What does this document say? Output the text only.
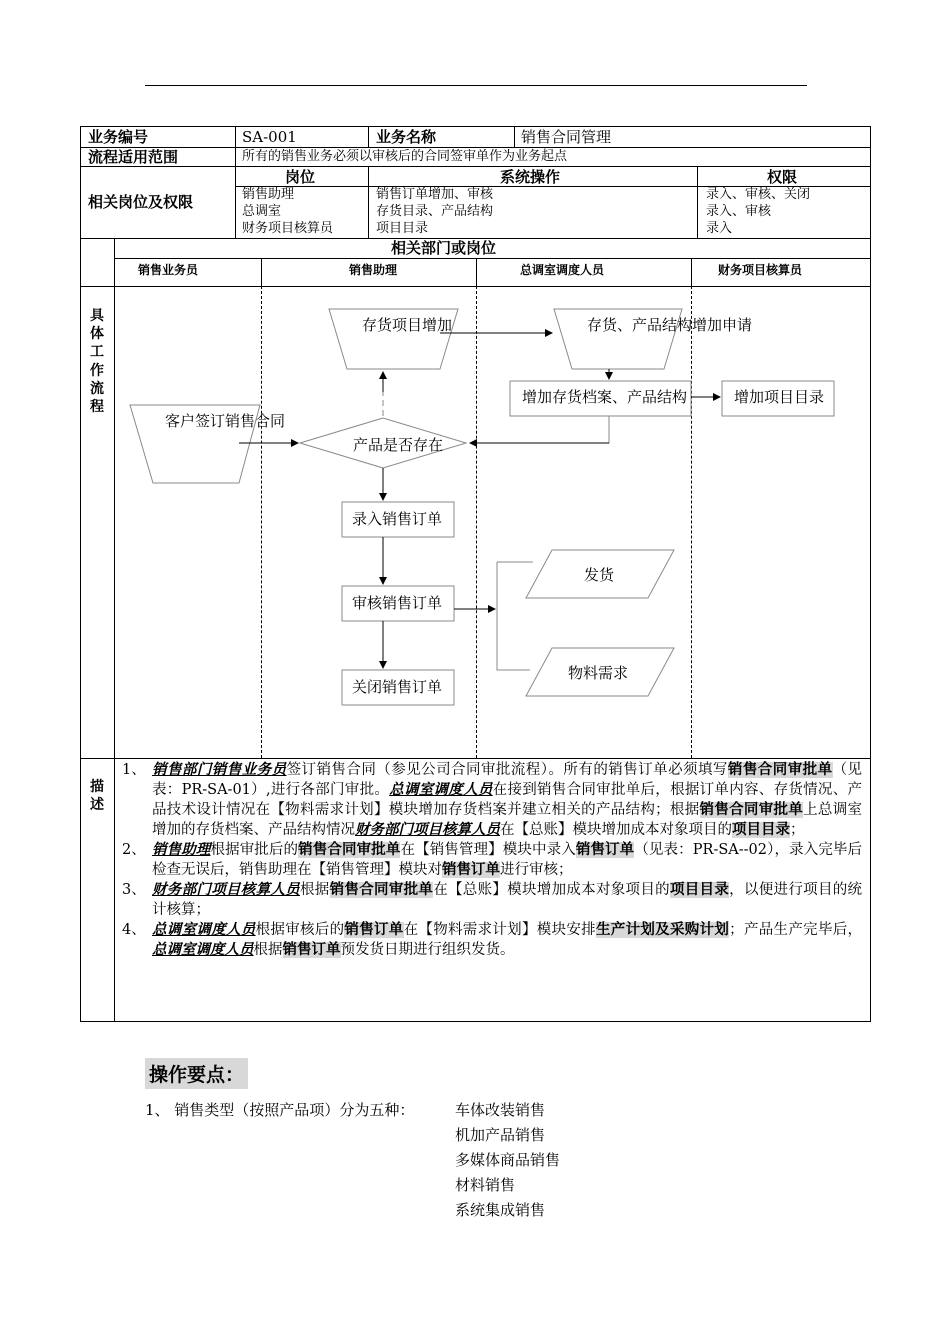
业务编号	SA-001	业务名称	销售合同管理
流程适用范围	所有的销售业务必须以审核后的合同签审单作为业务起点
相关岗位及权限
岗位	系统操作	权限
销售助理	销售订单增加、审核	录入、审核、关闭
总调室	存货目录、产品结构	录入、审核
财务项目核算员	项目目录	录入
相关部门或岗位
销售业务员	销售助理	总调室调度人员	财务项目核算员
具体工作流程
描述
客户签订销售合同
产品是否存在
存货项目增加	存货、产品结构增加申请
增加存货档案、产品结构	增加项目目录
录入销售订单
审核销售订单
关闭销售订单
发货
物料需求
1、 销售部门销售业务员签订销售合同（参见公司合同审批流程）。所有的销售订单必须填写销售合同审批单（见表：PR-SA-01）,进行各部门审批。总调室调度人员在接到销售合同审批单后，根据订单内容、存货情况、产品技术设计情况在【物料需求计划】模块增加存货档案并建立相关的产品结构；根据销售合同审批单上总调室增加的存货档案、产品结构情况财务部门项目核算人员在【总账】模块增加成本对象项目的项目目录；
2、 销售助理根据审批后的销售合同审批单在【销售管理】模块中录入销售订单（见表：PR-SA--02），录入完毕后检查无误后，销售助理在【销售管理】模块对销售订单进行审核；
3、 财务部门项目核算人员根据销售合同审批单在【总账】模块增加成本对象项目的项目目录，以便进行项目的统计核算；
4、 总调室调度人员根据审核后的销售订单在【物料需求计划】模块安排生产计划及采购计划；产品生产完毕后，总调室调度人员根据销售订单预发货日期进行组织发货。
操作要点：
1、 销售类型（按照产品项）分为五种：	车体改装销售
机加产品销售
多媒体商品销售
材料销售
系统集成销售
